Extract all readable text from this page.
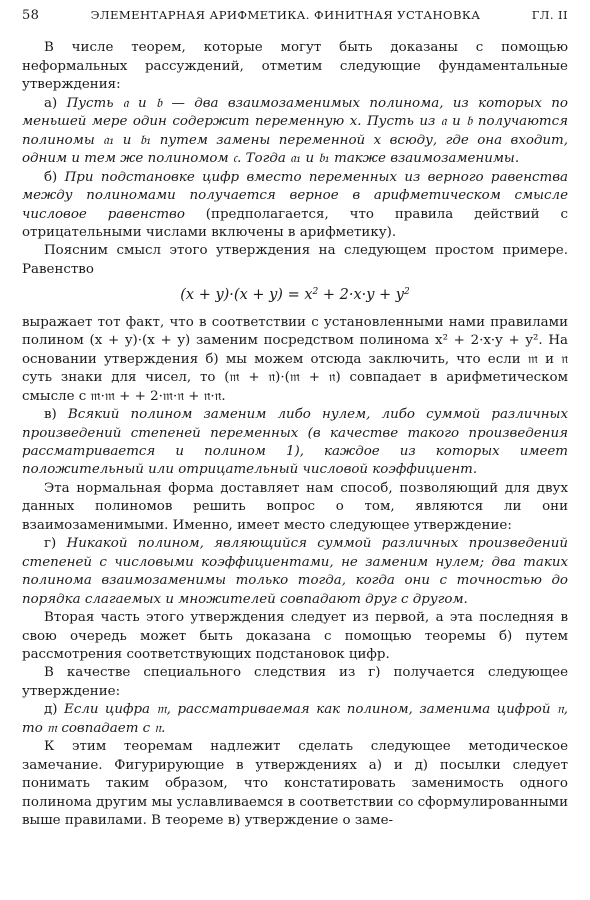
58	ЭЛЕМЕНТАРНАЯ АРИФМЕТИКА. ФИНИТНАЯ УСТАНОВКА	ГЛ. II

В числе теорем, которые могут быть доказаны с помощью неформальных рассуждений, отметим следующие фундаментальные утверждения:

а) Пусть 𝔞 и 𝔟 — два взаимозаменимых полинома, из которых по меньшей мере один содержит переменную x. Пусть из 𝔞 и 𝔟 получаются полиномы 𝔞₁ и 𝔟₁ путем замены переменной x всюду, где она входит, одним и тем же полиномом 𝔠. Тогда 𝔞₁ и 𝔟₁ также взаимозаменимы.

б) При подстановке цифр вместо переменных из верного равенства между полиномами получается верное в арифметическом смысле числовое равенство (предполагается, что правила действий с отрицательными числами включены в арифметику).

Поясним смысл этого утверждения на следующем простом примере. Равенство

$(x + y)\cdot(x + y) = x^2 + 2\cdot x\cdot y + y^2$

выражает тот факт, что в соответствии с установленными нами правилами полином (x + y)·(x + y) заменим посредством полинома x² + 2·x·y + y². На основании утверждения б) мы можем отсюда заключить, что если 𝔪 и 𝔫 суть знаки для чисел, то (𝔪 + 𝔫)·(𝔪 + 𝔫) совпадает в арифметическом смысле с 𝔪·𝔪 + + 2·𝔪·𝔫 + 𝔫·𝔫.

в) Всякий полином заменим либо нулем, либо суммой различных произведений степеней переменных (в качестве такого произведения рассматривается и полином 1), каждое из которых имеет положительный или отрицательный числовой коэффициент.

Эта нормальная форма доставляет нам способ, позволяющий для двух данных полиномов решить вопрос о том, являются ли они взаимозаменимыми. Именно, имеет место следующее утверждение:

г) Никакой полином, являющийся суммой различных произведений степеней с числовыми коэффициентами, не заменим нулем; два таких полинома взаимозаменимы только тогда, когда они с точностью до порядка слагаемых и множителей совпадают друг с другом.

Вторая часть этого утверждения следует из первой, а эта последняя в свою очередь может быть доказана с помощью теоремы б) путем рассмотрения соответствующих подстановок цифр.

В качестве специального следствия из г) получается следующее утверждение:

д) Если цифра 𝔪, рассматриваемая как полином, заменима цифрой 𝔫, то 𝔪 совпадает с 𝔫.

К этим теоремам надлежит сделать следующее методическое замечание. Фигурирующие в утверждениях а) и д) посылки следует понимать таким образом, что констатировать заменимость одного полинома другим мы уславливаемся в соответствии со сформулированными выше правилами. В теореме в) утверждение о заме-
